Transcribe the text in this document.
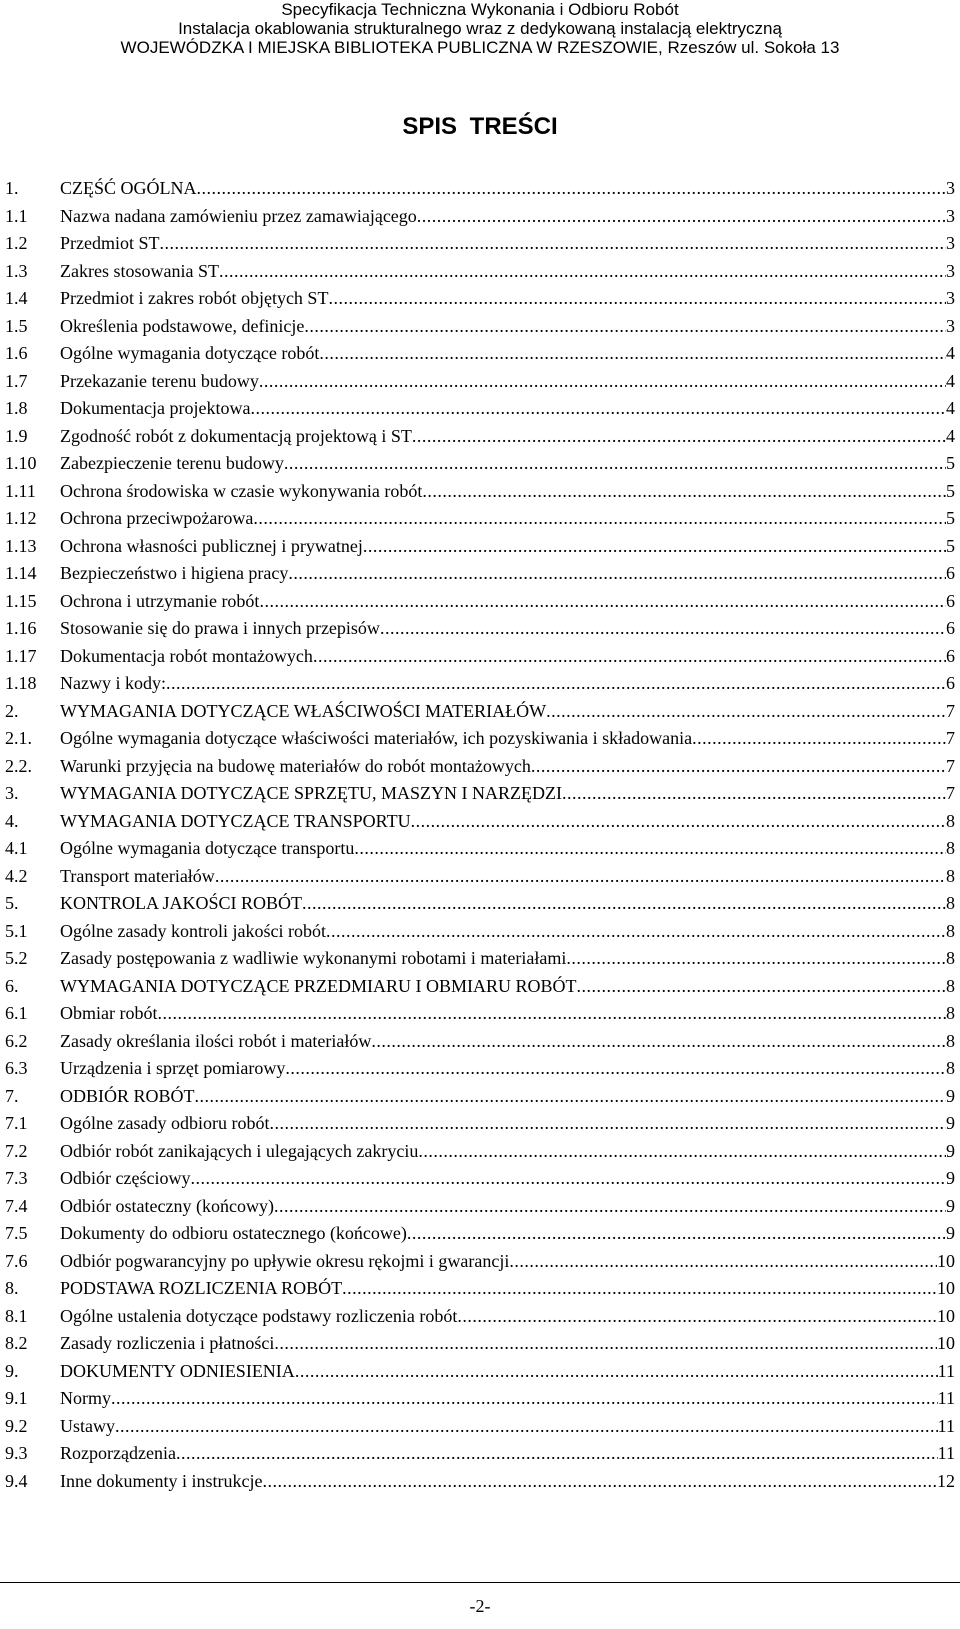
Specyfikacja Techniczna Wykonania i Odbioru Robót
Instalacja okablowania strukturalnego wraz z dedykowaną instalacją elektryczną
WOJEWÓDZKA I MIEJSKA BIBLIOTEKA PUBLICZNA W RZESZOWIE, Rzeszów ul. Sokoła 13
SPIS TREŚCI
1. CZĘŚĆ OGÓLNA .....	3
1.1 Nazwa nadana zamówieniu przez zamawiającego .....	3
1.2 Przedmiot ST .....	3
1.3 Zakres stosowania ST .....	3
1.4 Przedmiot i zakres robót objętych ST .....	3
1.5 Określenia podstawowe, definicje .....	3
1.6 Ogólne wymagania dotyczące robót .....	4
1.7 Przekazanie terenu budowy .....	4
1.8 Dokumentacja projektowa .....	4
1.9 Zgodność robót z dokumentacją projektową i ST .....	4
1.10 Zabezpieczenie terenu budowy .....	5
1.11 Ochrona środowiska w czasie wykonywania robót .....	5
1.12 Ochrona przeciwpożarowa .....	5
1.13 Ochrona własności publicznej i prywatnej .....	5
1.14 Bezpieczeństwo i higiena pracy .....	6
1.15 Ochrona i utrzymanie robót .....	6
1.16 Stosowanie się do prawa i innych przepisów .....	6
1.17 Dokumentacja robót montażowych .....	6
1.18 Nazwy i kody: .....	6
2. WYMAGANIA DOTYCZĄCE WŁAŚCIWOŚCI MATERIAŁÓW .....	7
2.1. Ogólne wymagania dotyczące właściwości materiałów, ich pozyskiwania i składowania .....	7
2.2. Warunki przyjęcia na budowę materiałów do robót montażowych .....	7
3. WYMAGANIA DOTYCZĄCE SPRZĘTU, MASZYN I NARZĘDZI .....	7
4. WYMAGANIA DOTYCZĄCE TRANSPORTU .....	8
4.1 Ogólne wymagania dotyczące transportu .....	8
4.2 Transport materiałów .....	8
5. KONTROLA JAKOŚCI ROBÓT .....	8
5.1 Ogólne zasady kontroli jakości robót .....	8
5.2 Zasady postępowania z wadliwie wykonanymi robotami i materiałami .....	8
6. WYMAGANIA DOTYCZĄCE PRZEDMIARU I OBMIARU ROBÓT .....	8
6.1 Obmiar robót .....	8
6.2 Zasady określania ilości robót i materiałów .....	8
6.3 Urządzenia i sprzęt pomiarowy .....	8
7. ODBIÓR ROBÓT .....	9
7.1 Ogólne zasady odbioru robót .....	9
7.2 Odbiór robót zanikających i ulegających zakryciu .....	9
7.3 Odbiór częściowy .....	9
7.4 Odbiór ostateczny (końcowy) .....	9
7.5 Dokumenty do odbioru ostatecznego (końcowe) .....	9
7.6 Odbiór pogwarancyjny po upływie okresu rękojmi i gwarancji .....	10
8. PODSTAWA ROZLICZENIA ROBÓT .....	10
8.1 Ogólne ustalenia dotyczące podstawy rozliczenia robót .....	10
8.2 Zasady rozliczenia i płatności .....	10
9. DOKUMENTY ODNIESIENIA .....	11
9.1 Normy .....	11
9.2 Ustawy .....	11
9.3 Rozporządzenia .....	11
9.4 Inne dokumenty i instrukcje .....	12
-2-
